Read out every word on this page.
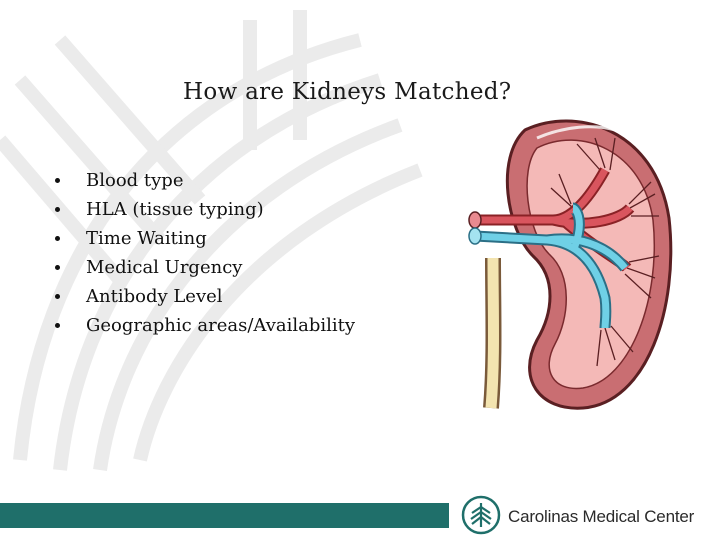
How are Kidneys Matched?
Blood type
HLA (tissue typing)
Time Waiting
Medical Urgency
Antibody Level
Geographic areas/Availability
Carolinas Medical Center
